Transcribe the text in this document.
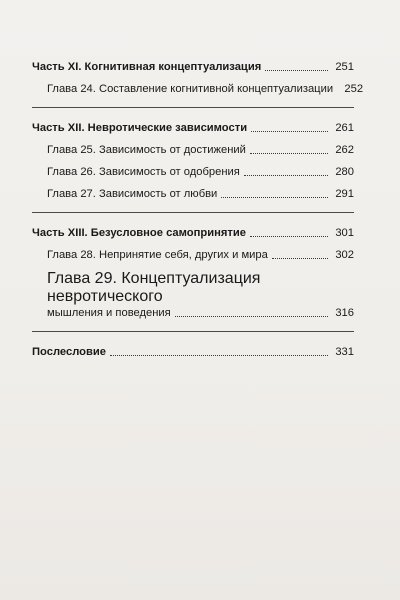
Часть XI. Когнитивная концептуализация	251
Глава 24. Составление когнитивной концептуализации 252
Часть XII. Невротические зависимости	261
Глава 25. Зависимость от достижений	262
Глава 26. Зависимость от одобрения	280
Глава 27. Зависимость от любви	291
Часть XIII. Безусловное самопринятие	301
Глава 28. Непринятие себя, других и мира	302
Глава 29. Концептуализация невротического
мышления и поведения	316
Послесловие	331
